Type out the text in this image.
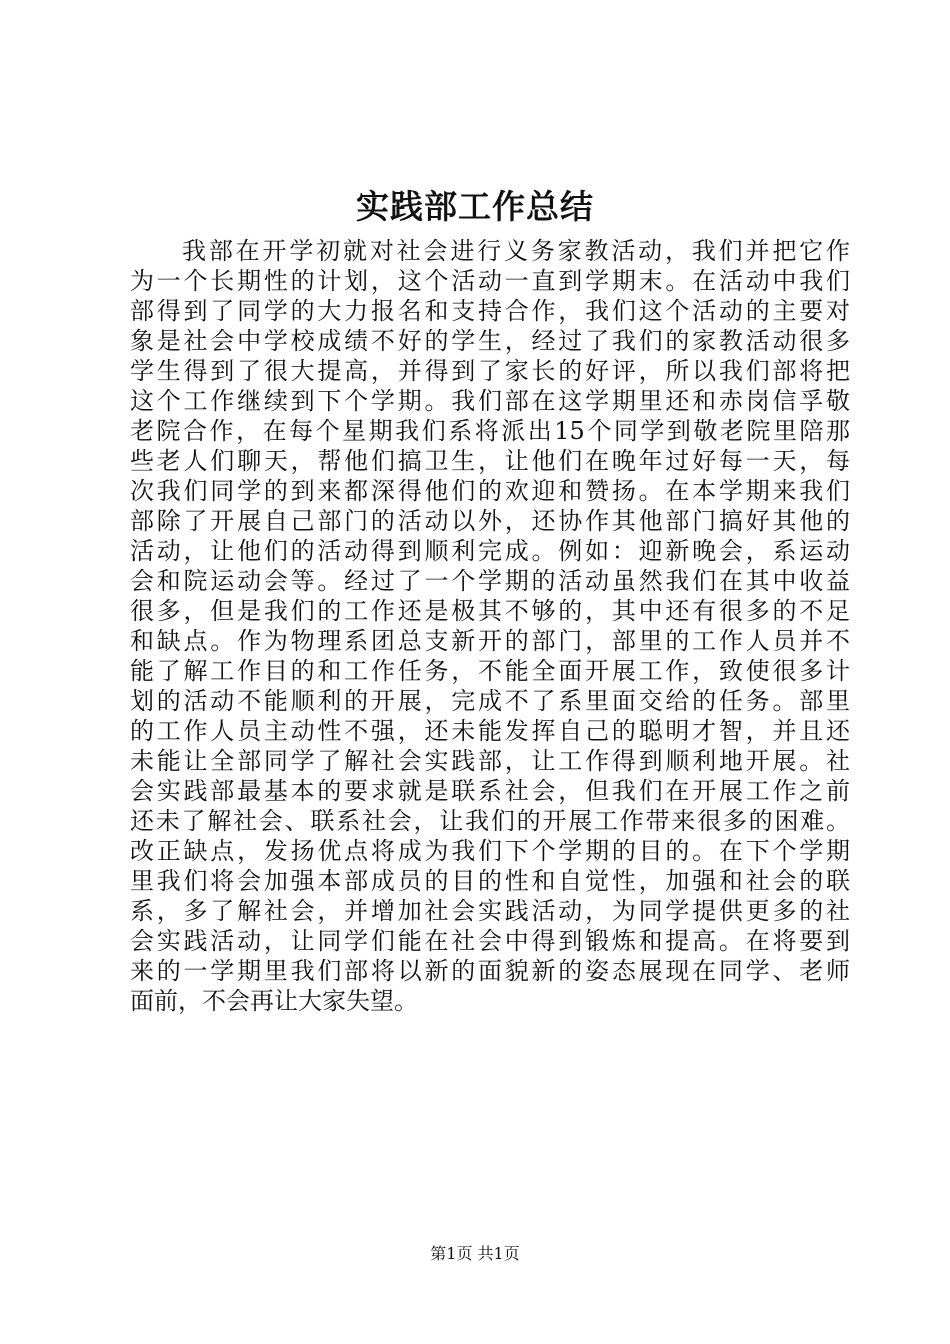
实践部工作总结
我部在开学初就对社会进行义务家教活动，我们并把它作
为一个长期性的计划，这个活动一直到学期末。在活动中我们
部得到了同学的大力报名和支持合作，我们这个活动的主要对
象是社会中学校成绩不好的学生，经过了我们的家教活动很多
学生得到了很大提高，并得到了家长的好评，所以我们部将把
这个工作继续到下个学期。我们部在这学期里还和赤岗信孚敬
老院合作，在每个星期我们系将派出15个同学到敬老院里陪那
些老人们聊天，帮他们搞卫生，让他们在晚年过好每一天，每
次我们同学的到来都深得他们的欢迎和赞扬。在本学期来我们
部除了开展自己部门的活动以外，还协作其他部门搞好其他的
活动，让他们的活动得到顺利完成。例如：迎新晚会，系运动
会和院运动会等。经过了一个学期的活动虽然我们在其中收益
很多，但是我们的工作还是极其不够的，其中还有很多的不足
和缺点。作为物理系团总支新开的部门，部里的工作人员并不
能了解工作目的和工作任务，不能全面开展工作，致使很多计
划的活动不能顺利的开展，完成不了系里面交给的任务。部里
的工作人员主动性不强，还未能发挥自己的聪明才智，并且还
未能让全部同学了解社会实践部，让工作得到顺利地开展。社
会实践部最基本的要求就是联系社会，但我们在开展工作之前
还未了解社会、联系社会，让我们的开展工作带来很多的困难。
改正缺点，发扬优点将成为我们下个学期的目的。在下个学期
里我们将会加强本部成员的目的性和自觉性，加强和社会的联
系，多了解社会，并增加社会实践活动，为同学提供更多的社
会实践活动，让同学们能在社会中得到锻炼和提高。在将要到
来的一学期里我们部将以新的面貌新的姿态展现在同学、老师
面前，不会再让大家失望。
第1页 共1页
